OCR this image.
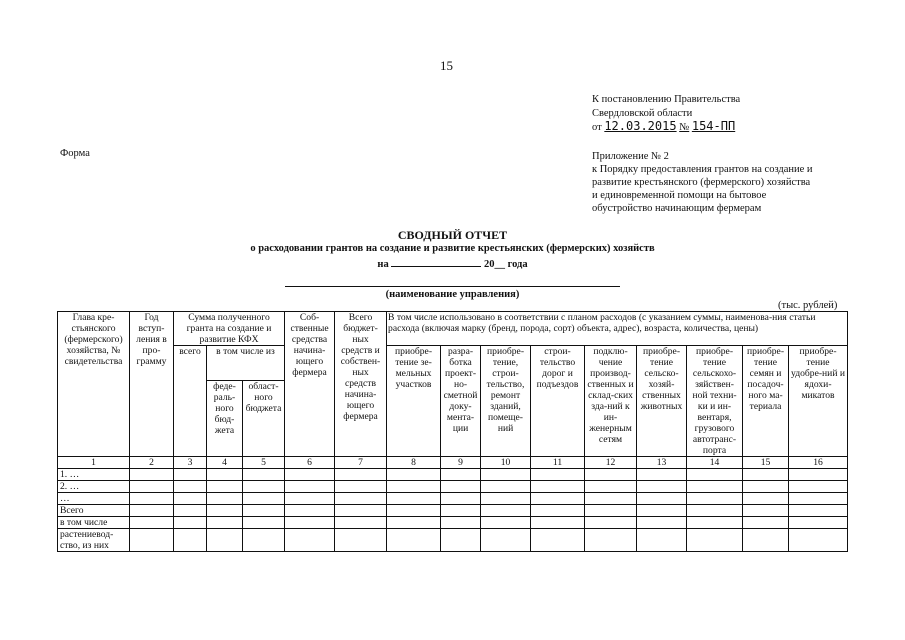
15
К постановлению Правительства
Свердловской области
от 12.03.2015 № 154-ПП
Форма	Приложение № 2
к Порядку предоставления грантов на создание и
развитие крестьянского (фермерского) хозяйства
и единовременной помощи на бытовое
обустройство начинающим фермерам
СВОДНЫЙ ОТЧЕТ
о расходовании грантов на создание и развитие крестьянских (фермерских) хозяйств
на	20__ года
(наименование управления)
(тыс. рублей)
Глава кре-стьянского (фермерского) хозяйства, № свидетельства	Год вступ-ления в про-грамму	Сумма полученного гранта на создание и развитие КФХ			Соб-ственные средства начина-ющего фермера	Всего бюджет-ных средств и собствен-ных средств начина-ющего фермера	В том числе использовано в соответствии с планом расходов (с указанием суммы, наименова-ния статьи расхода (включая марку (бренд, порода, сорт) объекта, адрес), возраста, количества, цены)								

		всего	в том числе из				приобре-тение зе-мельных участков	разра-ботка проект-но-сметной доку-мента-ции	приобре-тение, строи-тельство, ремонт зданий, помеще-ний	строи-тельство дорог и подъездов	подклю-чение производ-ственных и склад-ских зда-ний к ин-женерным сетям	приобре-тение сельско-хозяй-ственных животных	приобре-тение сельскохо-зяйствен-ной техни-ки и ин-вентаря, грузового автотранс-порта	приобре-тение семян и посадоч-ного ма-териала	приобре-тение удобре-ний и ядохи-микатов
			феде-раль-ного бюд-жета	област-ного бюджета											
1	2	3	4	5	6	7	8	9	10	11	12	13	14	15	16
1. …															
2. …															
…															
Всего															
в том числе															
растениевод-ство, из них															
